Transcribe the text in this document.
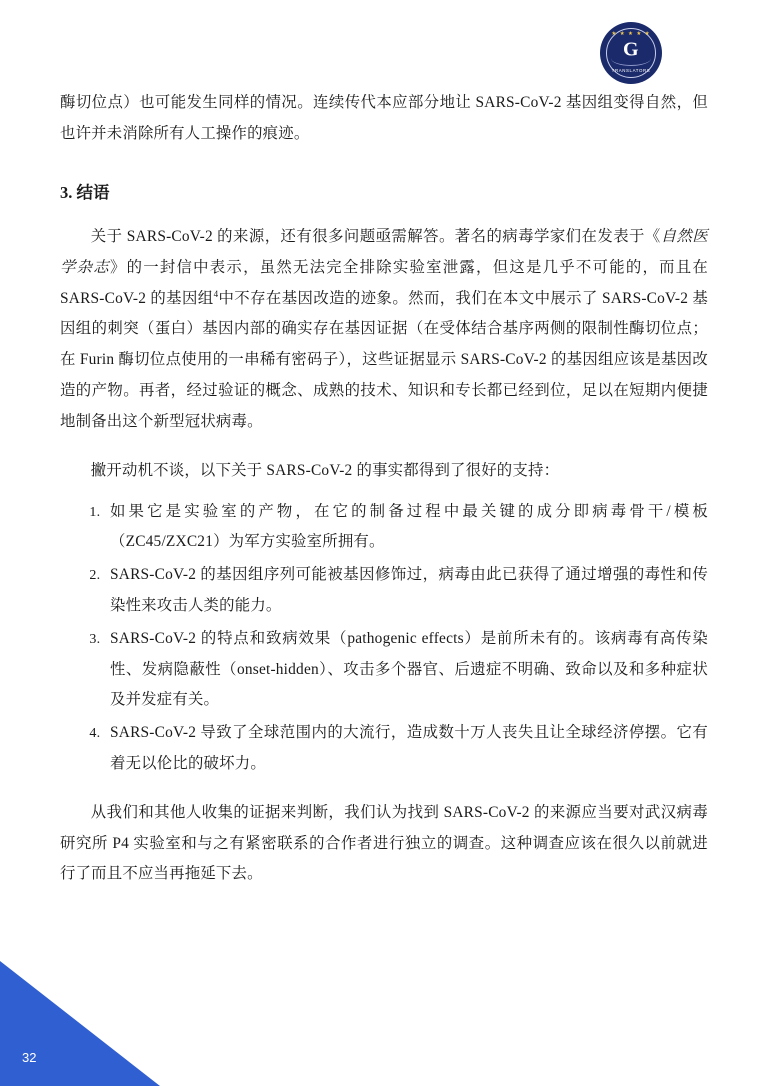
★ ★ ★ ★ ★
G
TRANSLATORS

酶切位点）也可能发生同样的情况。连续传代本应部分地让 SARS-CoV-2 基因组变得自然，但也许并未消除所有人工操作的痕迹。

3. 结语

关于 SARS-CoV-2 的来源，还有很多问题亟需解答。著名的病毒学家们在发表于《自然医学杂志》的一封信中表示，虽然无法完全排除实验室泄露，但这是几乎不可能的，而且在 SARS-CoV-2 的基因组$^4$中不存在基因改造的迹象。然而，我们在本文中展示了 SARS-CoV-2 基因组的刺突（蛋白）基因内部的确实存在基因证据（在受体结合基序两侧的限制性酶切位点；在 Furin 酶切位点使用的一串稀有密码子），这些证据显示 SARS-CoV-2 的基因组应该是基因改造的产物。再者，经过验证的概念、成熟的技术、知识和专长都已经到位，足以在短期内便捷地制备出这个新型冠状病毒。

撇开动机不谈，以下关于 SARS-CoV-2 的事实都得到了很好的支持：

1. 如果它是实验室的产物，在它的制备过程中最关键的成分即病毒骨干/模板（ZC45/ZXC21）为军方实验室所拥有。
2. SARS-CoV-2 的基因组序列可能被基因修饰过，病毒由此已获得了通过增强的毒性和传染性来攻击人类的能力。
3. SARS-CoV-2 的特点和致病效果（pathogenic effects）是前所未有的。该病毒有高传染性、发病隐蔽性（onset-hidden）、攻击多个器官、后遗症不明确、致命以及和多种症状及并发症有关。
4. SARS-CoV-2 导致了全球范围内的大流行，造成数十万人丧失且让全球经济停摆。它有着无以伦比的破坏力。

从我们和其他人收集的证据来判断，我们认为找到 SARS-CoV-2 的来源应当要对武汉病毒研究所 P4 实验室和与之有紧密联系的合作者进行独立的调查。这种调查应该在很久以前就进行了而且不应当再拖延下去。

32
